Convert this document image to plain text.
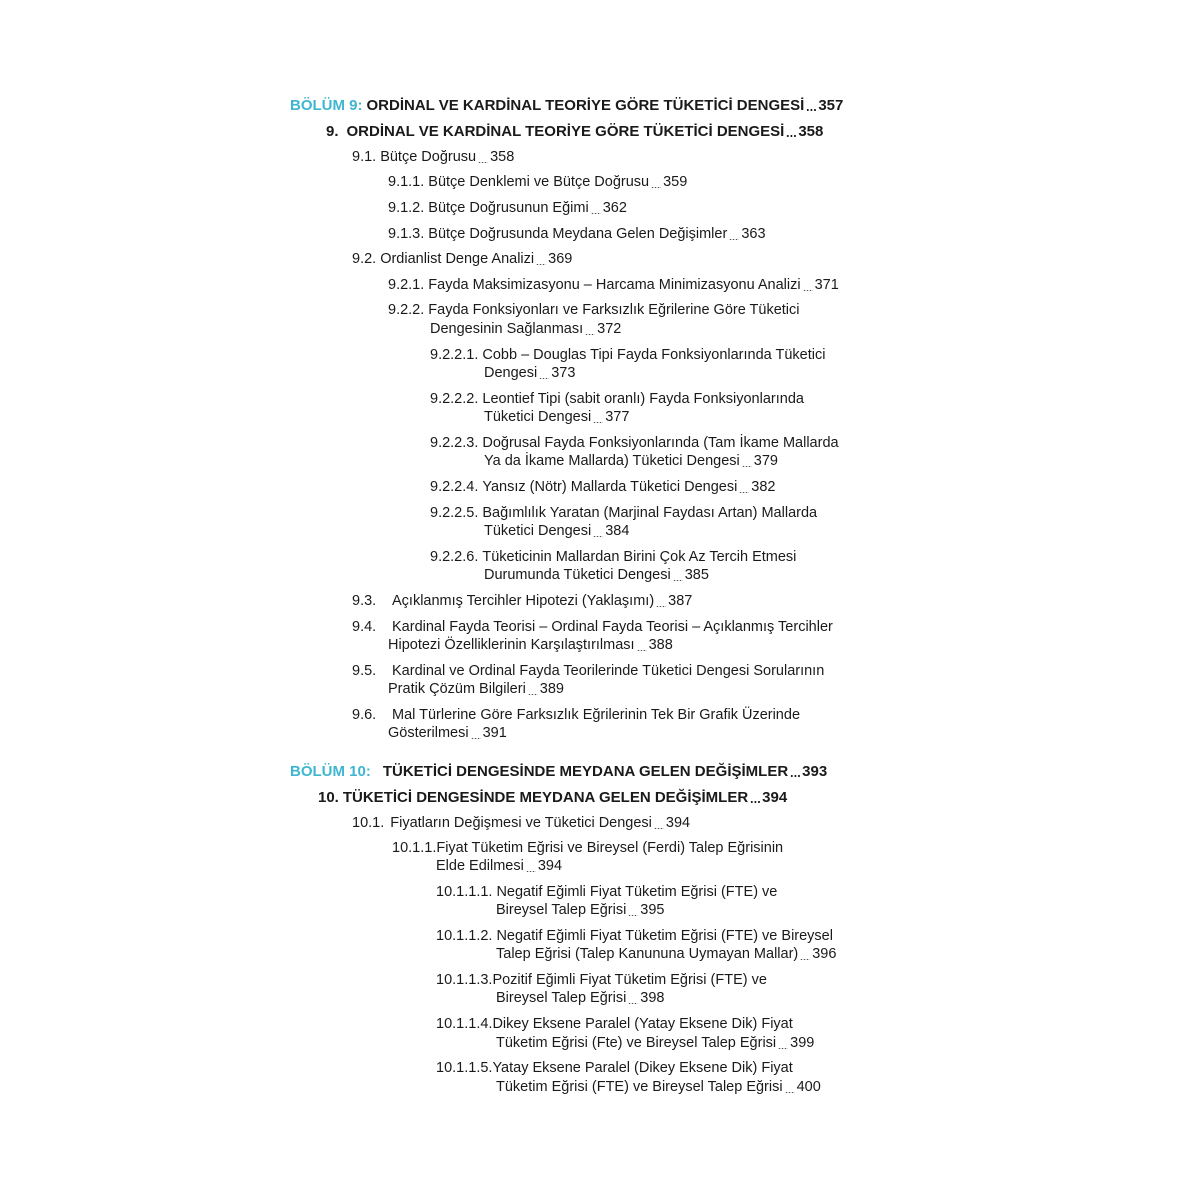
BÖLÜM 9: ORDİNAL VE KARDİNAL TEORİYE GÖRE TÜKETİCİ DENGESİ 357
9. ORDİNAL VE KARDİNAL TEORİYE GÖRE TÜKETİCİ DENGESİ 358
9.1. Bütçe Doğrusu 358
9.1.1. Bütçe Denklemi ve Bütçe Doğrusu 359
9.1.2. Bütçe Doğrusunun Eğimi 362
9.1.3. Bütçe Doğrusunda Meydana Gelen Değişimler 363
9.2. Ordianlist Denge Analizi 369
9.2.1. Fayda Maksimizasyonu – Harcama Minimizasyonu Analizi 371
9.2.2. Fayda Fonksiyonları ve Farksızlık Eğrilerine Göre Tüketici
Dengesinin Sağlanması 372
9.2.2.1. Cobb – Douglas Tipi Fayda Fonksiyonlarında Tüketici
Dengesi 373
9.2.2.2. Leontief Tipi (sabit oranlı) Fayda Fonksiyonlarında
Tüketici Dengesi 377
9.2.2.3. Doğrusal Fayda Fonksiyonlarında (Tam İkame Mallarda
Ya da İkame Mallarda) Tüketici Dengesi 379
9.2.2.4. Yansız (Nötr) Mallarda Tüketici Dengesi 382
9.2.2.5. Bağımlılık Yaratan (Marjinal Faydası Artan) Mallarda
Tüketici Dengesi 384
9.2.2.6. Tüketicinin Mallardan Birini Çok Az Tercih Etmesi
Durumunda Tüketici Dengesi 385
9.3.	Açıklanmış Tercihler Hipotezi (Yaklaşımı) 387
9.4.	Kardinal Fayda Teorisi – Ordinal Fayda Teorisi – Açıklanmış Tercihler
Hipotezi Özelliklerinin Karşılaştırılması 388
9.5.	Kardinal ve Ordinal Fayda Teorilerinde Tüketici Dengesi Sorularının
Pratik Çözüm Bilgileri 389
9.6.	Mal Türlerine Göre Farksızlık Eğrilerinin Tek Bir Grafik Üzerinde
Gösterilmesi 391
BÖLÜM 10: TÜKETİCİ DENGESİNDE MEYDANA GELEN DEĞİŞİMLER 393
10. TÜKETİCİ DENGESİNDE MEYDANA GELEN DEĞİŞİMLER 394
10.1. Fiyatların Değişmesi ve Tüketici Dengesi 394
10.1.1. Fiyat Tüketim Eğrisi ve Bireysel (Ferdi) Talep Eğrisinin
Elde Edilmesi 394
10.1.1.1. Negatif Eğimli Fiyat Tüketim Eğrisi (FTE) ve
Bireysel Talep Eğrisi 395
10.1.1.2. Negatif Eğimli Fiyat Tüketim Eğrisi (FTE) ve Bireysel
Talep Eğrisi (Talep Kanununa Uymayan Mallar) 396
10.1.1.3. Pozitif Eğimli Fiyat Tüketim Eğrisi (FTE) ve
Bireysel Talep Eğrisi 398
10.1.1.4. Dikey Eksene Paralel (Yatay Eksene Dik) Fiyat
Tüketim Eğrisi (Fte) ve Bireysel Talep Eğrisi 399
10.1.1.5. Yatay Eksene Paralel (Dikey Eksene Dik) Fiyat
Tüketim Eğrisi (FTE) ve Bireysel Talep Eğrisi 400
